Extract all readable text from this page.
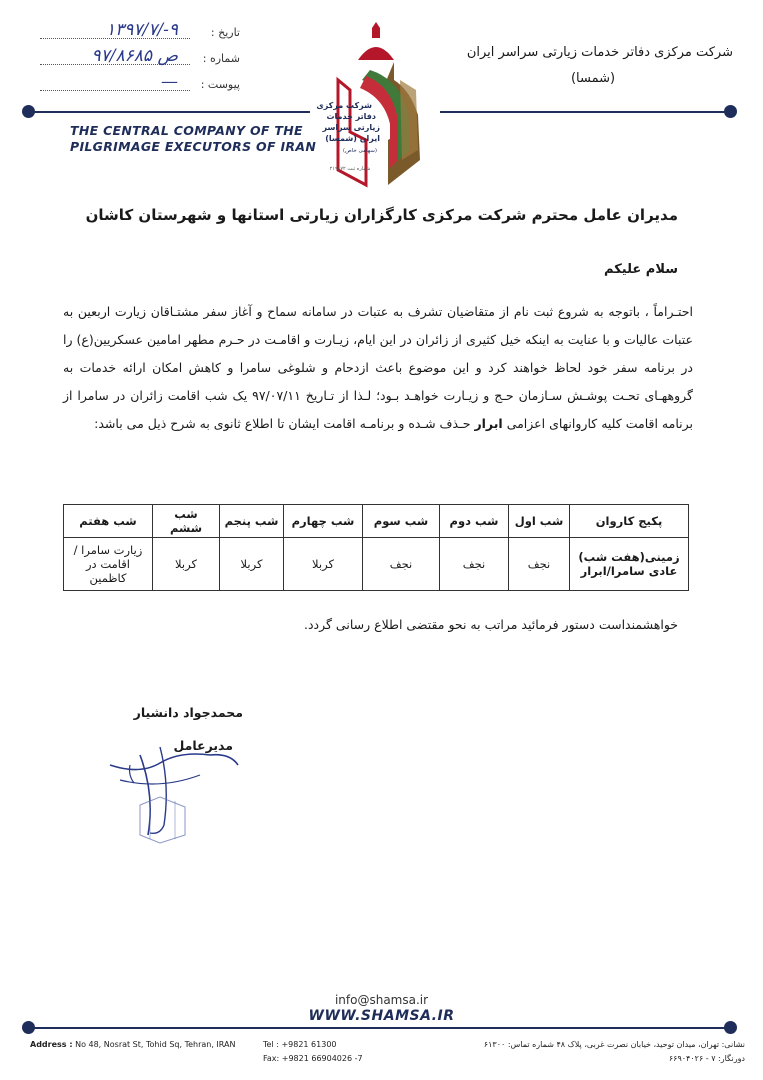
شرکت مرکزی دفاتر خدمات زیارتی سراسر ایران
(شمسا)
تاریخ :
۱۳۹۷/۷/-۹
شماره :
۹۷/۸۶۸۵ ص
پیوست :
—
شرکت مرکزی دفاتر خدمات زیارتی سراسر ایران (شمسا)
(سهامی خاص)
شماره ثبت ۲۱۹۸۷۲
THE CENTRAL COMPANY OF THE
PILGRIMAGE EXECUTORS OF IRAN
مدیران عامل محترم شرکت مرکزی کارگزاران زیارتی استانها و شهرستان کاشان
سلام علیکم
احتـراماً ، باتوجه به شروع ثبت نام از متقاضیان تشرف به عتبات در سامانه سماح و آغاز سفر مشتـاقان زیارت اربعین به عتبات عالیات و با عنایت به اینکه خیل کثیری از زائران در این ایام، زیـارت و اقامـت در حـرم مطهر امامین عسکریین(ع) را در برنامه سفر خود لحاظ خواهند کرد و این موضوع باعث ازدحام و شلوغی سامرا و کاهش امکان ارائه خدمات به گروههـای تحـت پوشـش سـازمان حـج و زیـارت خواهـد بـود؛ لـذا از تـاریخ ۹۷/۰۷/۱۱ یک شب اقامت زائران در سامرا از برنامه اقامت کلیه کاروانهای اعزامی ابرار حـذف شـده و برنامـه اقامت ایشان تا اطلاع ثانوی به شرح ذیل می باشد:
پکیج کاروان	شب اول	شب دوم	شب سوم	شب چهارم	شب پنجم	شب ششم	شب هفتم
زمینی(هفت شب) عادی سامرا/ابرار	نجف	نجف	نجف	کربلا	کربلا	کربلا	زیارت سامرا /اقامت در کاظمین
خواهشمنداست دستور فرمائید مراتب به نحو مقتضی اطلاع رسانی گردد.
محمدجواد دانشیار
مدیرعامل
info@shamsa.ir
WWW.SHAMSA.IR
Address : No 48, Nosrat St, Tohid Sq, Tehran, IRAN	Tel : +9821 61300
Fax: +9821 66904026 -7
نشانی: تهران، میدان توحید، خیابان نصرت غربی، پلاک ۴۸ شماره تماس: ۶۱۳۰۰
دورنگار: ۷ - ۶۶۹۰۴۰۲۶
